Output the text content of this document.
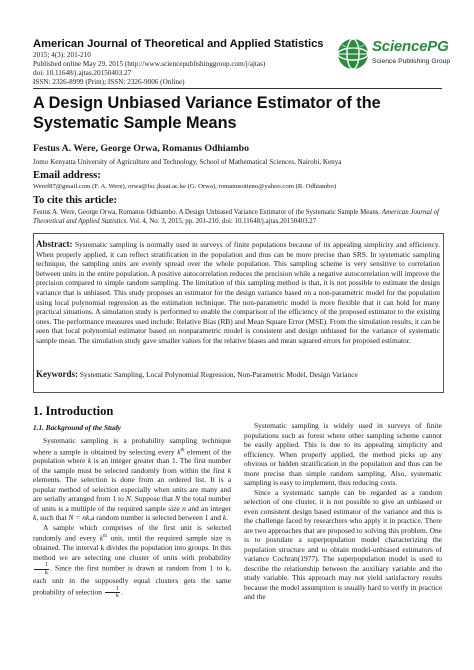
American Journal of Theoretical and Applied Statistics
2015; 4(3): 201-210
Published online May 29, 2015 (http://www.sciencepublishinggroup.com/j/ajtas)
doi: 10.11648/j.ajtas.20150403.27
ISSN: 2326-8999 (Print); ISSN: 2326-9006 (Online)
SciencePG
Science Publishing Group
A Design Unbiased Variance Estimator of the Systematic Sample Means
Festus A. Were, George Orwa, Romanus Odhiambo
Jomo Kenyatta University of Agriculture and Technology, School of Mathematical Sciences, Nairobi, Kenya
Email address:
Weref87@gmail.com (F. A. Were), orwa@fsc.jkuat.ac.ke (G. Orwa), romanusotieno@yahoo.com (R. Odhiambo)
To cite this article:
Festus A. Were, George Orwa, Romanus Odhiambo. A Design Unbiased Variance Estimator of the Systematic Sample Means. American Journal of Theoretical and Applied Statistics. Vol. 4, No. 3, 2015, pp. 201-210. doi: 10.11648/j.ajtas.20150403.27
Abstract: Systematic sampling is normally used in surveys of finite populations because of its appealing simplicity and efficiency. When properly applied, it can reflect stratification in the population and thus can be more precise than SRS. In systematic sampling technique, the sampling units are evenly spread over the whole population. This sampling scheme is very sensitive to correlation between units in the entire population. A positive autocorrelation reduces the precision while a negative autocorrelation will improve the precision compared to simple random sampling. The limitation of this sampling method is that, it is not possible to estimate the design variance that is unbiased. This study proposes an estimator for the design variance based on a non-parametric model for the population using local polynomial regression as the estimation technique. The non-parametric model is more flexible that it can hold for many practical situations. A simulation study is performed to enable the comparison of the efficiency of the proposed estimator to the existing ones. The performance measures used include: Relative Bias (RB) and Mean Square Error (MSE). From the simulation results, it can be seen that local polynomial estimator based on nonparametric model is consistent and design unbiased for the variance of systematic sample mean. The simulation study gave smaller values for the relative biases and mean squared errors for proposed estimator.
Keywords: Systematic Sampling, Local Polynomial Regression, Non-Parametric Model, Design Variance
1. Introduction
1.1. Background of the Study

Systematic sampling is a probability sampling technique where a sample is obtained by selecting every $k^{th}$ element of the population where k is an integer greater than 1. The first number of the sample must be selected randomly from within the first k elements. The selection is done from an ordered list. It is a popular method of selection especially when units are many and are serially arranged from 1 to N. Suppose that N the total number of units is a multiple of the required sample size n and an integer k, such that N = nk,a random number is selected between 1 and k.

A sample which comprises of the first unit is selected randomly and every $k^{th}$ unit, until the required sample size is obtained. The interval k divides the population into groups. In this method we are selecting one cluster of units with probability
$\frac{1}{k}$ . Since the first number is drawn at random from 1 to k, each unit in the supposedly equal clusters gets the same probability of selection $\frac{1}{k}$ .

Systematic sampling is widely used in surveys of finite populations such as forest where other sampling scheme cannot be easily applied. This is due to its appealing simplicity and efficiency. When properly applied, the method picks up any obvious or hidden stratification in the population and thus can be more precise than simple random sampling. Also, systematic sampling is easy to implement, thus reducing costs.

Since a systematic sample can be regarded as a random selection of one cluster, it is not possible to give an unbiased or even consistent design based estimator of the variance and this is the challenge faced by researchers who apply it in practice. There are two approaches that are proposed to solving this problem. One is to postulate a superpopulation model characterizing the population structure and to obtain model-unbiased estimators of variance Cochran(1977). The superpopulation model is used to describe the relationship between the auxiliary variable and the study variable. This approach may not yield satisfactory results because the model assumption is usually hard to verify in practice and the
